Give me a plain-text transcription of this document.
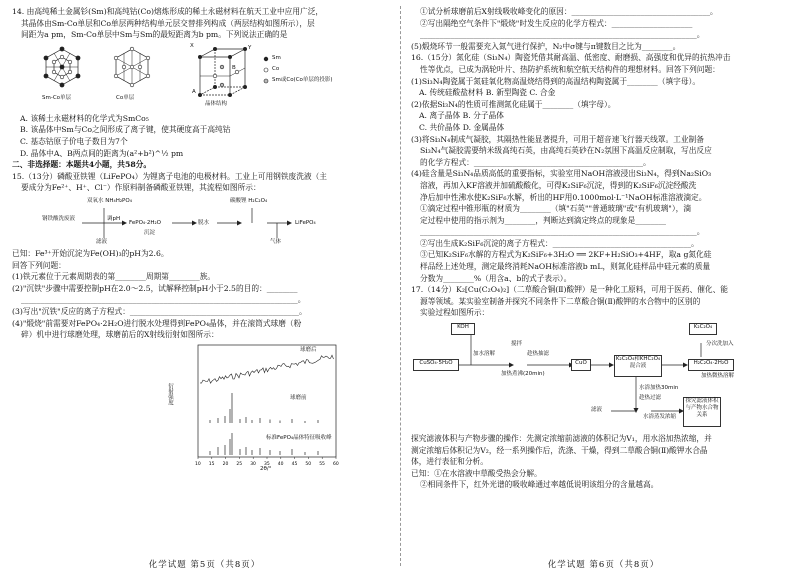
14. 由高纯稀土金属钐(Sm)和高纯钴(Co)熔炼形成的稀土永磁材料在航天工业中应用广泛，
其晶体由Sm-Co单层和Co单层两种结构单元层交替排列构成（两层结构如图所示），层
间距为a pm，Sm-Co单层中Sm与Sm的最短距离为b pm。下列说法正确的是
Sm-Co单层	Co单层
晶体结构
X	Y
A
B
Sm
Co
Sm或Co(Co单层的投影)
A. 该稀土永磁材料的化学式为SmCo₅
B. 该晶体中Sm与Co之间形成了离子键，使其硬度高于高纯钴
C. 基态钴原子价电子数目为7个
D. 晶体中A、B两点间的距离为(a²+b²)^½ pm
二、非选择题：本题共4小题，共58分。
15.（13分）磷酸亚铁锂（LiFePO₄）为锂离子电池的电极材料。工业上可用钢铁废洗液（主
要成分为Fe²⁺、H⁺、Cl⁻）作原料制备磷酸亚铁锂，其流程如图所示：
双氧水 NH₄H₂PO₄	碳酸锂 H₂C₂O₄
钢铁酸洗废液	调pH
FePO₄·2H₂O	脱水	LiFePO₄
滤液
沉淀
气体
已知：Fe³⁺开始沉淀为Fe(OH)₃的pH为2.6。
回答下列问题：
(1)铁元素位于元素周期表的第________周期第________族。
(2)"沉铁"步骤中需要控制pH在2.0～2.5，试解释控制pH小于2.5的目的：________
________________________________________________________________________。
(3)写出"沉铁"反应的离子方程式：____________________________________________。
(4)"煅烧"前需要对FePO₄·2H₂O进行脱水处理得到FePO₄晶体，并在滚筒式球磨（粉
碎）机中进行球磨处理，球磨前后的X射线衍射如图所示：
10 15 20 25 30 35 40 45 50 55 60
衍射强度
球磨后
球磨前
标准FePO₄晶体特征吸收峰
2θ/°
化学试题 第5页（共8页）
①试分析球磨前后X射线吸收峰变化的原因：____________________________________。
②写出隔绝空气条件下"煅烧"时发生反应的化学方程式：_____________________
________________________________________________________________________。
(5)煅烧环节一般需要充入氮气进行保护，N₂中σ键与π键数目之比为________。
16.（15分）氮化硅（Si₃N₄）陶瓷凭借其耐高温、低密度、耐磨损、高强度和优异的抗热冲击
性等优点，已成为涡轮叶片、热防护系统和航空航天结构件的理想材料。回答下列问题：
(1)Si₃N₄陶瓷属于氮硅氧化物高温烧结得到的高温结构陶瓷属于________（填字母）。
A. 传统硅酸盐材料 B. 新型陶瓷 C. 合金
(2)依据Si₃N₄的性质可推测氮化硅属于________（填字母）。
A. 离子晶体 B. 分子晶体
C. 共价晶体 D. 金属晶体
(3)将Si₃N₄制成气凝胶，其隔热性能显著提升，可用于超音速飞行器天线罩。工业制备
Si₃N₄气凝胶需要纳米级高纯石英，由高纯石英砂在N₂氛围下高温反应制取，写出反应
的化学方程式：____________________________________________。
(4)硅含量是Si₃N₄品质高低的重要指标，实验室用NaOH溶液浸出Si₃N₄，得到Na₂SiO₃
溶液，再加入KF溶液并加硫酸酸化，可得K₂SiF₆沉淀，得到的K₂SiF₆沉淀经酸洗
净后加中性沸水使K₂SiF₆水解，析出的HF用0.1000mol·L⁻¹NaOH标准溶液滴定。
①滴定过程中锥形瓶的材质为________（填"石英""普通玻璃"或"有机玻璃"），滴
定过程中使用的指示剂为________，判断达到滴定终点的现象是________
________________________________________________________________________。
②写出生成K₂SiF₆沉淀的离子方程式：____________________________________。
③已知K₂SiF₆水解的方程式为K₂SiF₆+3H₂O ══ 2KF+H₂SiO₃+4HF，取a g氮化硅
样品经上述处理，测定最终消耗NaOH标准溶液b mL，则氮化硅样品中硅元素的质量
分数为________%（用含a、b的式子表示）。
17.（14分）K₂[Cu(C₂O₄)₂]（二草酸合铜(Ⅱ)酸钾）是一种化工原料，可用于医药、催化、能
源等领域。某实验室制备并探究不同条件下二草酸合铜(Ⅱ)酸钾的水合物中的区别的
实验过程如图所示：
KOH
CuSO₄·5H₂O	CuO
K₂C₂O₄和KHC₂O₄混合液
K₂C₂O₄
H₂C₂O₄·2H₂O
探究滤液体积与产物水合物关系
加水溶解	趁热抽滤
搅拌
加热煮沸(20min)
分次洗加入
加热微热溶解
水浴加热30min
趁热过滤
滤液
水浴蒸发浓缩
探究滤液体积与产物步骤的操作：先测定浓缩前滤液的体积记为V₁，用水浴加热浓缩，并
测定浓缩后体积记为V₂，经一系列操作后，洗涤、干燥，得到二草酸合铜(Ⅱ)酸钾水合晶
体，进行表征和分析。
已知：①在水溶液中草酸受热会分解。
②相同条件下，红外光谱的吸收峰通过率越低说明该组分的含量越高。
化学试题 第6页（共8页）
